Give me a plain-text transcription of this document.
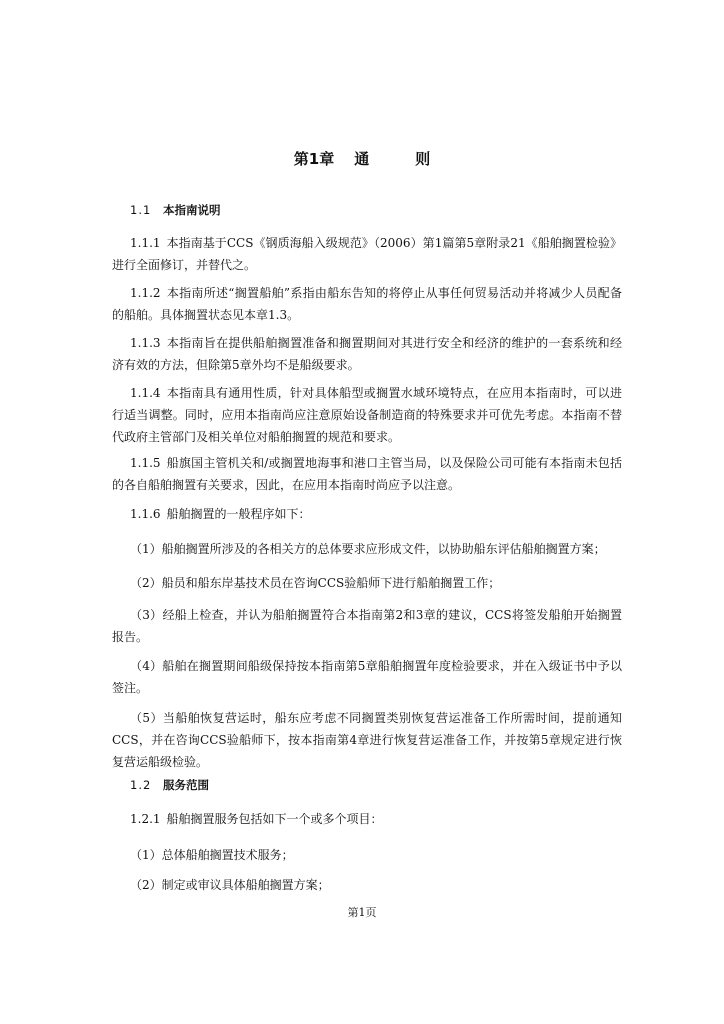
第1章 通	则
1.1 本指南说明
1.1.1 本指南基于CCS《钢质海船入级规范》（2006）第1篇第5章附录21《船舶搁置检验》进行全面修订，并替代之。
1.1.2 本指南所述“搁置船舶”系指由船东告知的将停止从事任何贸易活动并将减少人员配备的船舶。具体搁置状态见本章1.3。
1.1.3 本指南旨在提供船舶搁置准备和搁置期间对其进行安全和经济的维护的一套系统和经济有效的方法，但除第5章外均不是船级要求。
1.1.4 本指南具有通用性质，针对具体船型或搁置水域环境特点，在应用本指南时，可以进行适当调整。同时，应用本指南尚应注意原始设备制造商的特殊要求并可优先考虑。本指南不替代政府主管部门及相关单位对船舶搁置的规范和要求。
1.1.5 船旗国主管机关和/或搁置地海事和港口主管当局，以及保险公司可能有本指南未包括的各自船舶搁置有关要求，因此，在应用本指南时尚应予以注意。
1.1.6 船舶搁置的一般程序如下：
（1）船舶搁置所涉及的各相关方的总体要求应形成文件，以协助船东评估船舶搁置方案；
（2）船员和船东岸基技术员在咨询CCS验船师下进行船舶搁置工作；
（3）经船上检查，并认为船舶搁置符合本指南第2和3章的建议，CCS将签发船舶开始搁置报告。
（4）船舶在搁置期间船级保持按本指南第5章船舶搁置年度检验要求，并在入级证书中予以签注。
（5）当船舶恢复营运时，船东应考虑不同搁置类别恢复营运准备工作所需时间，提前通知CCS，并在咨询CCS验船师下，按本指南第4章进行恢复营运准备工作，并按第5章规定进行恢复营运船级检验。
1.2 服务范围
1.2.1 船舶搁置服务包括如下一个或多个项目：
（1）总体船舶搁置技术服务；
（2）制定或审议具体船舶搁置方案；
第1页
